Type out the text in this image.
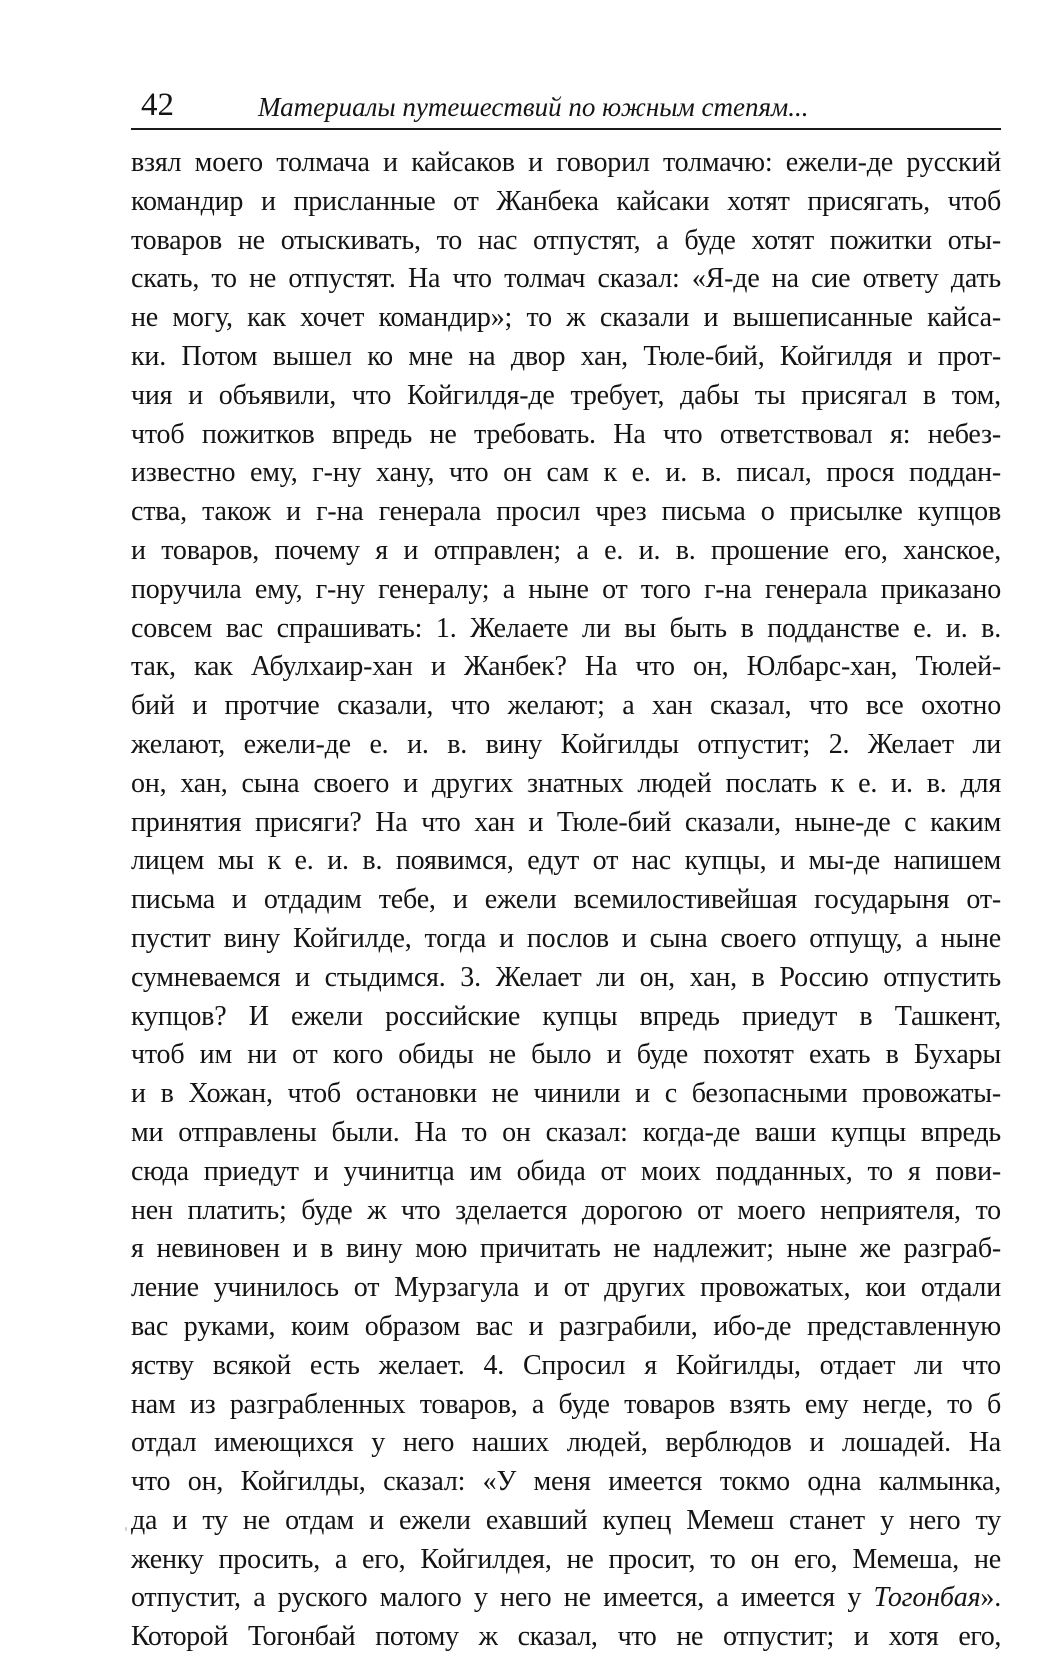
42	Материалы путешествий по южным степям...
взял моего толмача и кайсаков и говорил толмачю: ежели-де русский
командир и присланные от Жанбека кайсаки хотят присягать, чтоб
товаров не отыскивать, то нас отпустят, а буде хотят пожитки оты-
скать, то не отпустят. На что толмач сказал: «Я-де на сие ответу дать
не могу, как хочет командир»; то ж сказали и вышеписанные кайса-
ки. Потом вышел ко мне на двор хан, Тюле-бий, Койгилдя и прот-
чия и объявили, что Койгилдя-де требует, дабы ты присягал в том,
чтоб пожитков впредь не требовать. На что ответствовал я: небез-
известно ему, г-ну хану, что он сам к е. и. в. писал, прося поддан-
ства, також и г-на генерала просил чрез письма о присылке купцов
и товаров, почему я и отправлен; а е. и. в. прошение его, ханское,
поручила ему, г-ну генералу; а ныне от того г-на генерала приказано
совсем вас спрашивать: 1. Желаете ли вы быть в подданстве е. и. в.
так, как Абулхаир-хан и Жанбек? На что он, Юлбарс-хан, Тюлей-
бий и протчие сказали, что желают; а хан сказал, что все охотно
желают, ежели-де е. и. в. вину Койгилды отпустит; 2. Желает ли
он, хан, сына своего и других знатных людей послать к е. и. в. для
принятия присяги? На что хан и Тюле-бий сказали, ныне-де с каким
лицем мы к е. и. в. появимся, едут от нас купцы, и мы-де напишем
письма и отдадим тебе, и ежели всемилостивейшая государыня от-
пустит вину Койгилде, тогда и послов и сына своего отпущу, а ныне
сумневаемся и стыдимся. 3. Желает ли он, хан, в Россию отпустить
купцов? И ежели российские купцы впредь приедут в Ташкент,
чтоб им ни от кого обиды не было и буде похотят ехать в Бухары
и в Хожан, чтоб остановки не чинили и с безопасными провожаты-
ми отправлены были. На то он сказал: когда-де ваши купцы впредь
сюда приедут и учинитца им обида от моих подданных, то я пови-
нен платить; буде ж что зделается дорогою от моего неприятеля, то
я невиновен и в вину мою причитать не надлежит; ныне же разграб-
ление учинилось от Мурзагула и от других провожатых, кои отдали
вас руками, коим образом вас и разграбили, ибо-де представленную
яству всякой есть желает. 4. Спросил я Койгилды, отдает ли что
нам из разграбленных товаров, а буде товаров взять ему негде, то б
отдал имеющихся у него наших людей, верблюдов и лошадей. На
что он, Койгилды, сказал: «У меня имеется токмо одна калмынка,
да и ту не отдам и ежели ехавший купец Мемеш станет у него ту
женку просить, а его, Койгилдея, не просит, то он его, Мемеша, не
отпустит, а руского малого у него не имеется, а имеется у Тогонбая».
Которой Тогонбай потому ж сказал, что не отпустит; и хотя его,
